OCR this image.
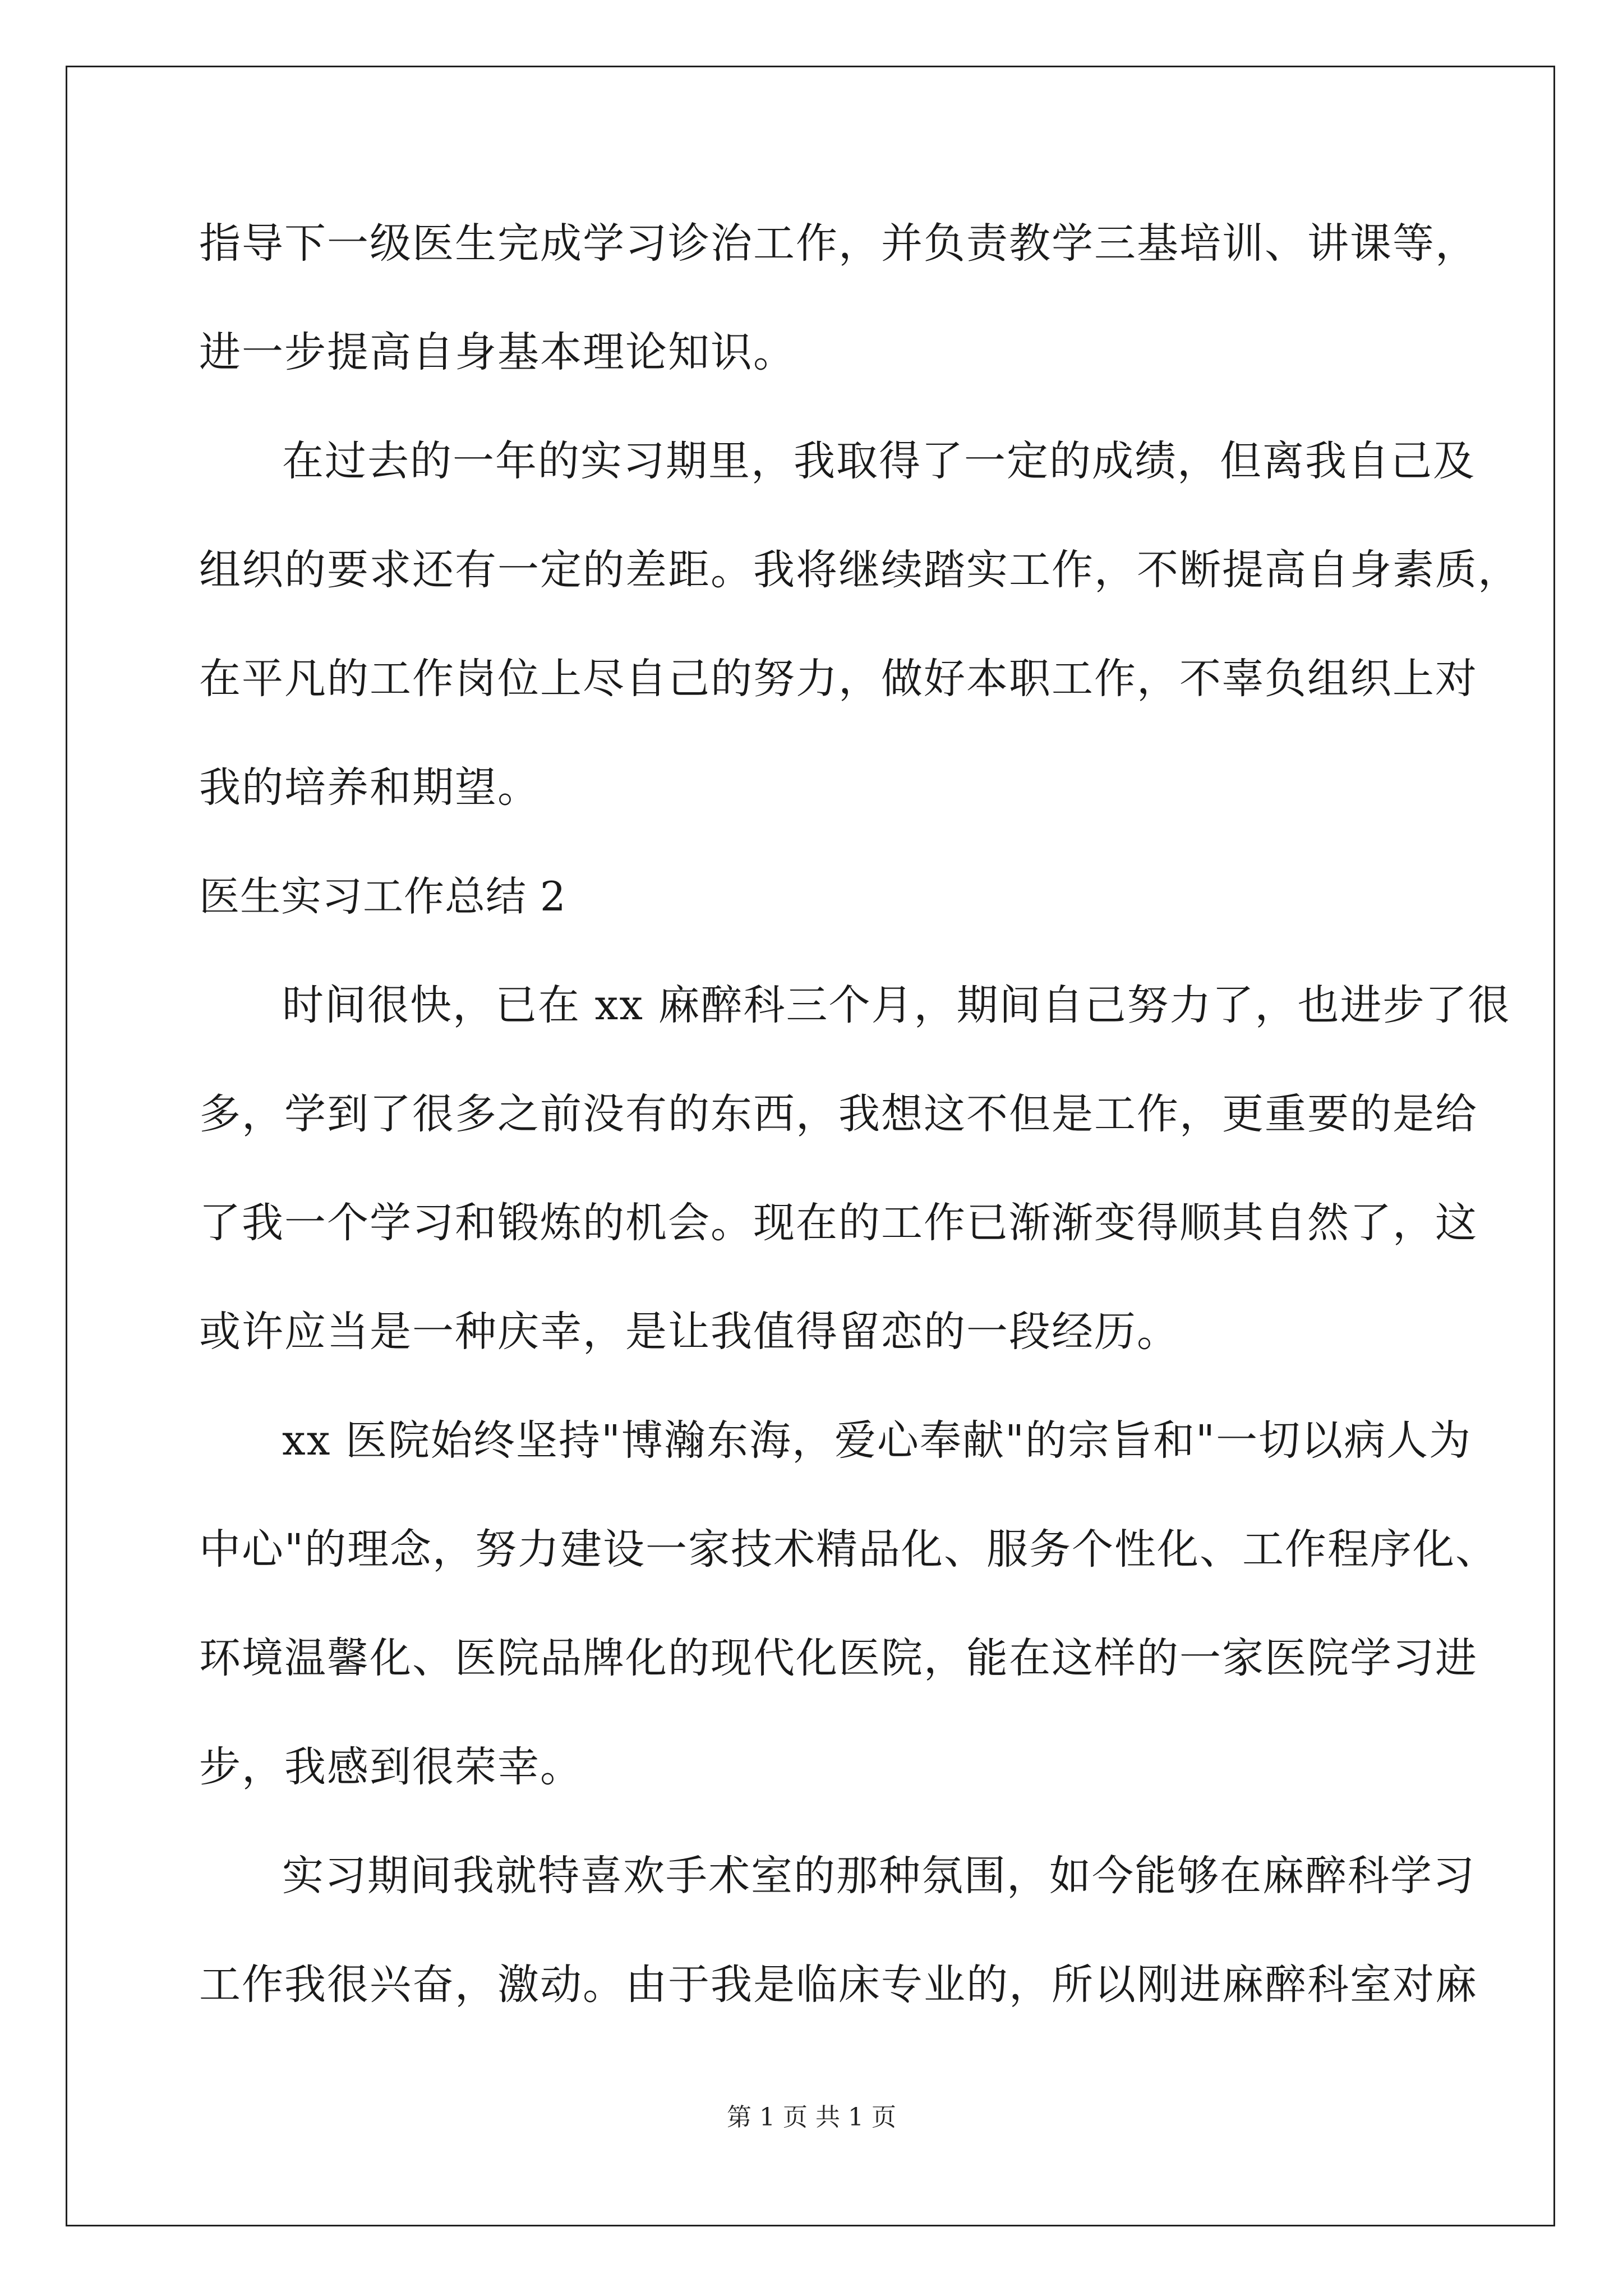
指导下一级医生完成学习诊治工作，并负责教学三基培训、讲课等，
进一步提高自身基本理论知识。
在过去的一年的实习期里，我取得了一定的成绩，但离我自己及
组织的要求还有一定的差距。我将继续踏实工作，不断提高自身素质，
在平凡的工作岗位上尽自己的努力，做好本职工作，不辜负组织上对
我的培养和期望。
医生实习工作总结 2
时间很快，已在 xx 麻醉科三个月，期间自己努力了，也进步了很
多，学到了很多之前没有的东西，我想这不但是工作，更重要的是给
了我一个学习和锻炼的机会。现在的工作已渐渐变得顺其自然了，这
或许应当是一种庆幸，是让我值得留恋的一段经历。
xx 医院始终坚持"博瀚东海，爱心奉献"的宗旨和"一切以病人为
中心"的理念，努力建设一家技术精品化、服务个性化、工作程序化、
环境温馨化、医院品牌化的现代化医院，能在这样的一家医院学习进
步，我感到很荣幸。
实习期间我就特喜欢手术室的那种氛围，如今能够在麻醉科学习
工作我很兴奋，激动。由于我是临床专业的，所以刚进麻醉科室对麻
第 1 页 共 1 页
